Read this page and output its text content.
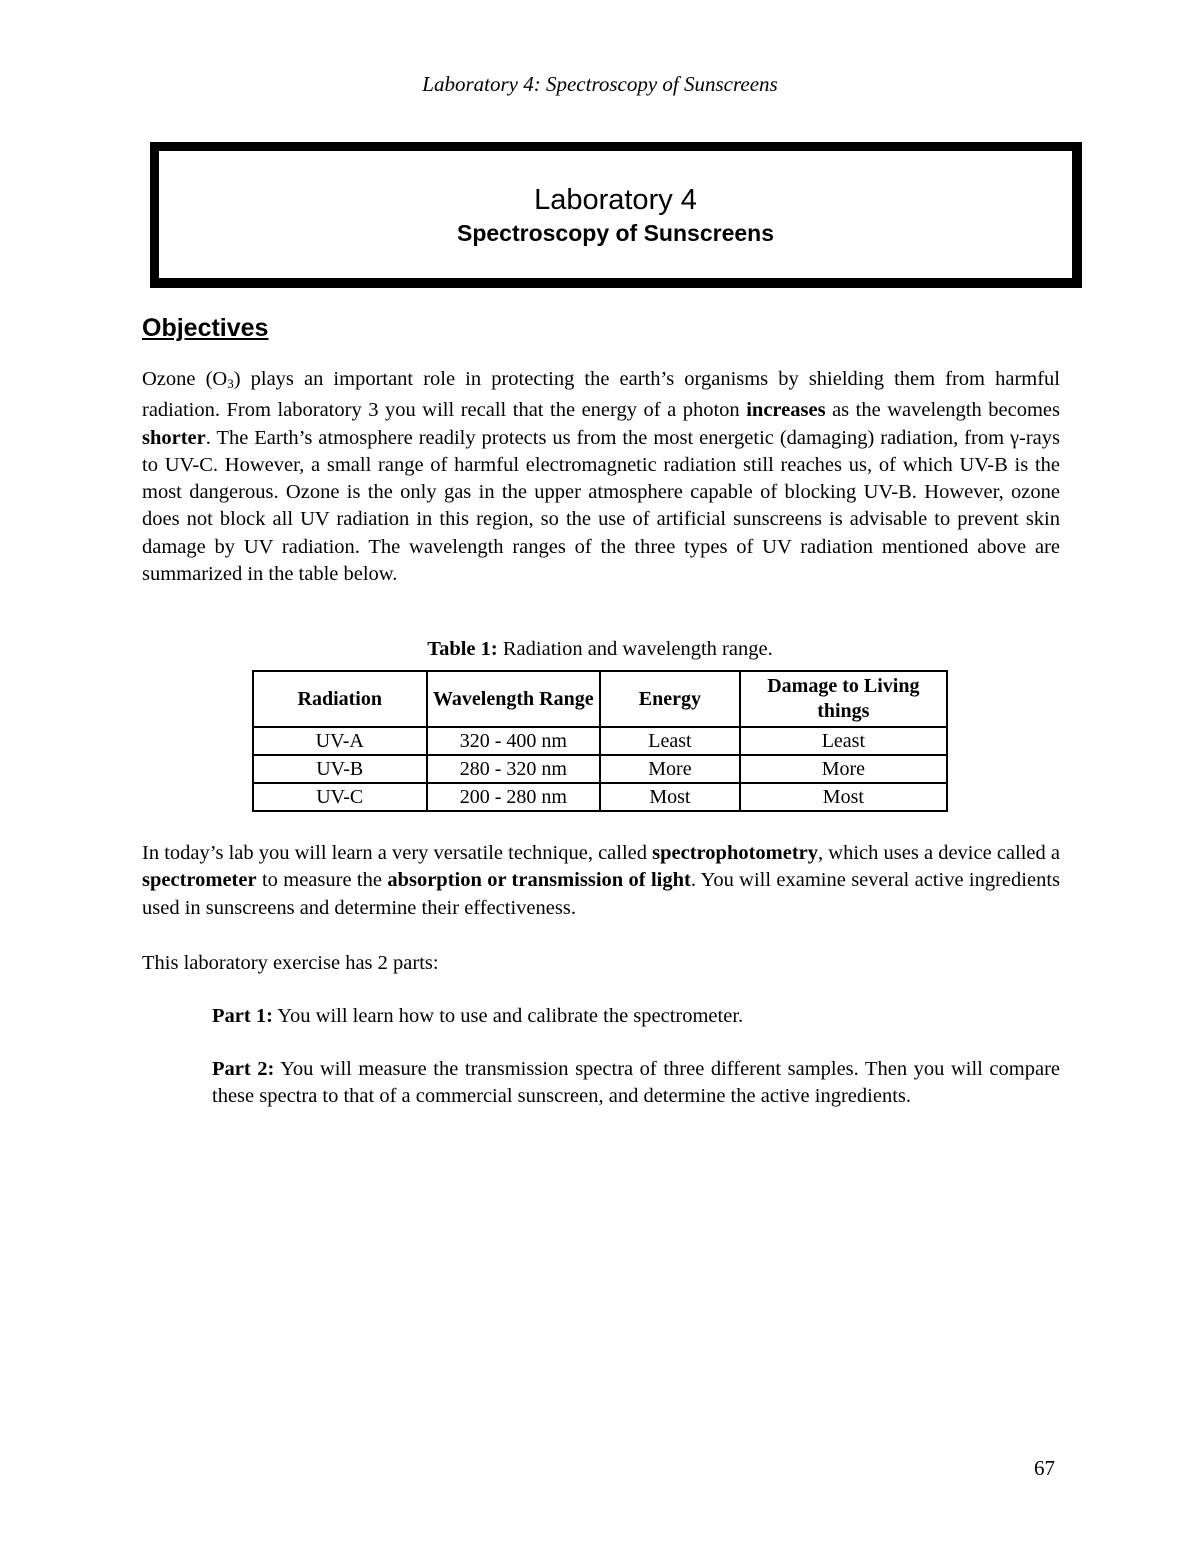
Laboratory 4: Spectroscopy of Sunscreens
Laboratory 4
Spectroscopy of Sunscreens
Objectives
Ozone $(O_3)$ plays an important role in protecting the earth’s organisms by shielding them from harmful radiation. From laboratory 3 you will recall that the energy of a photon increases as the wavelength becomes shorter. The Earth’s atmosphere readily protects us from the most energetic (damaging) radiation, from γ-rays to UV-C. However, a small range of harmful electromagnetic radiation still reaches us, of which UV-B is the most dangerous. Ozone is the only gas in the upper atmosphere capable of blocking UV-B. However, ozone does not block all UV radiation in this region, so the use of artificial sunscreens is advisable to prevent skin damage by UV radiation. The wavelength ranges of the three types of UV radiation mentioned above are summarized in the table below.
Table 1: Radiation and wavelength range.
Radiation	Wavelength Range	Energy	Damage to Living things
UV-A	320 - 400 nm	Least	Least
UV-B	280 - 320 nm	More	More
UV-C	200 - 280 nm	Most	Most
In today’s lab you will learn a very versatile technique, called spectrophotometry, which uses a device called a spectrometer to measure the absorption or transmission of light. You will examine several active ingredients used in sunscreens and determine their effectiveness.
This laboratory exercise has 2 parts:
Part 1: You will learn how to use and calibrate the spectrometer.
Part 2: You will measure the transmission spectra of three different samples. Then you will compare these spectra to that of a commercial sunscreen, and determine the active ingredients.
67
